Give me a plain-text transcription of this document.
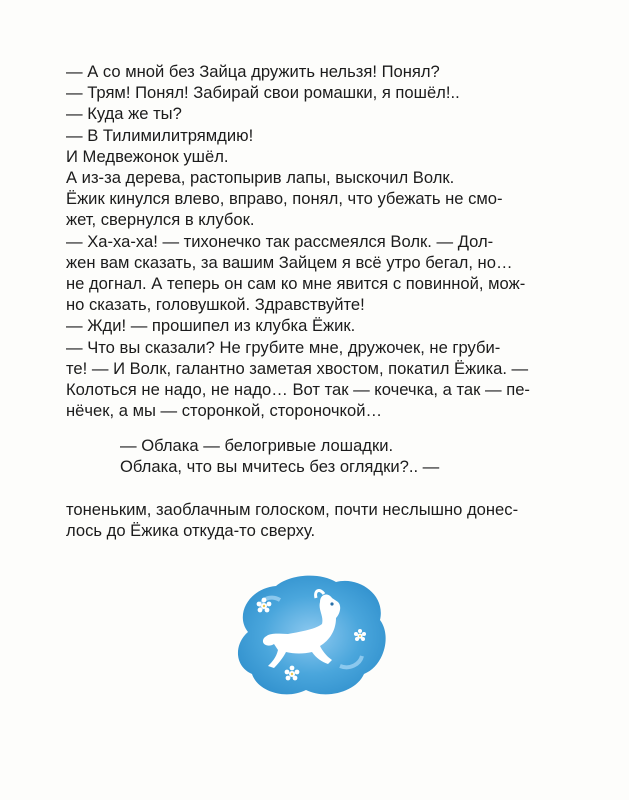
— А со мной без Зайца дружить нельзя! Понял?
— Трям! Понял! Забирай свои ромашки, я пошёл!..
— Куда же ты?
— В Тилимилитрямдию!
И Медвежонок ушёл.
А из-за дерева, растопырив лапы, выскочил Волк.
Ёжик кинулся влево, вправо, понял, что убежать не смо-
жет, свернулся в клубок.
— Ха-ха-ха! — тихонечко так рассмеялся Волк. — Дол-
жен вам сказать, за вашим Зайцем я всё утро бегал, но…
не догнал. А теперь он сам ко мне явится с повинной, мож-
но сказать, головушкой. Здравствуйте!
— Жди! — прошипел из клубка Ёжик.
— Что вы сказали? Не грубите мне, дружочек, не груби-
те! — И Волк, галантно заметая хвостом, покатил Ёжика. —
Колоться не надо, не надо… Вот так — кочечка, а так — пе-
нёчек, а мы — сторонкой, стороночкой…
— Облака — белогривые лошадки.
Облака, что вы мчитесь без оглядки?.. —
тоненьким, заоблачным голоском, почти неслышно донес-
лось до Ёжика откуда-то сверху.
